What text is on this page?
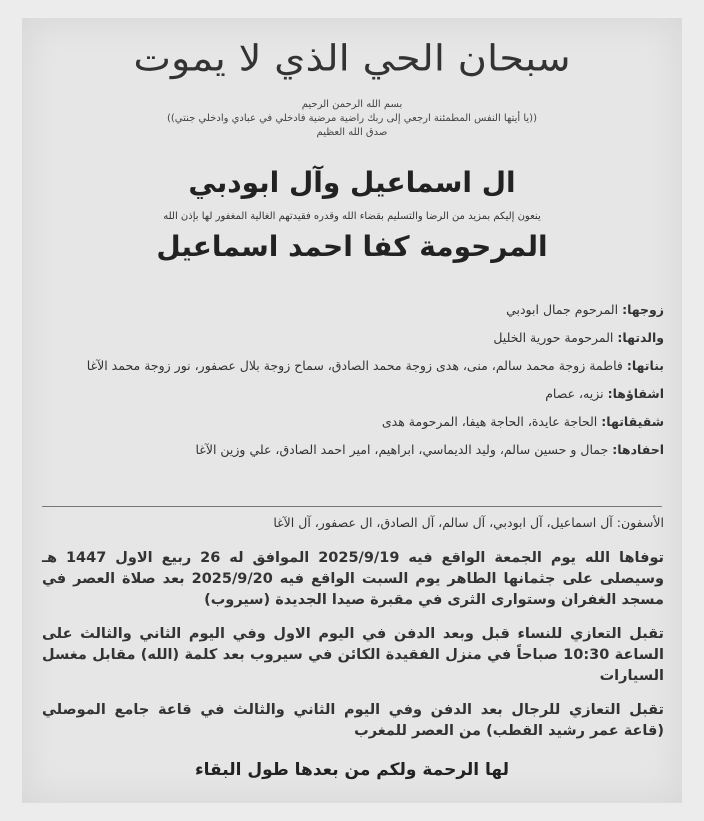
سبحان الحي الذي لا يموت
بسم الله الرحمن الرحيم
((يا أيتها النفس المطمئنة ارجعي إلى ربك راضية مرضية فادخلي في عبادي وادخلي جنتي))
صدق الله العظيم
ال اسماعيل وآل ابودبي
ينعون إليكم بمزيد من الرضا والتسليم بقضاء الله وقدره فقيدتهم الغالية المغفور لها بإذن الله
المرحومة كفا احمد اسماعيل
زوجها: المرحوم جمال ابودبي
والدتها: المرحومة حورية الخليل
بناتها: فاطمة زوجة محمد سالم، منى، هدى زوجة محمد الصادق، سماح زوجة بلال عصفور، نور زوجة محمد الآغا
اشقاؤها: نزيه، عصام
شقيقاتها: الحاجة عايدة، الحاجة هيفا، المرحومة هدى
احفادها: جمال و حسين سالم، وليد الديماسي، ابراهيم، امير احمد الصادق، علي وزين الآغا
الأسفون: آل اسماعيل، آل ابودبي، آل سالم، آل الصادق، ال عصفور، آل الآغا

توفاها الله يوم الجمعة الواقع فيه 2025/9/19 الموافق له 26 ربيع الاول 1447 هـ وسيصلى على جثمانها الطاهر يوم السبت الواقع فيه 2025/9/20 بعد صلاة العصر في مسجد الغفران وستوارى الثرى في مقبرة صيدا الجديدة (سيروب)

تقبل التعازي للنساء قبل وبعد الدفن في اليوم الاول وفي اليوم الثاني والثالث على الساعة 10:30 صباحاً في منزل الفقيدة الكائن في سيروب بعد كلمة (الله) مقابل مغسل السيارات

تقبل التعازي للرجال بعد الدفن وفي اليوم الثاني والثالث في قاعة جامع الموصلي (قاعة عمر رشيد القطب) من العصر للمغرب

لها الرحمة ولكم من بعدها طول البقاء
